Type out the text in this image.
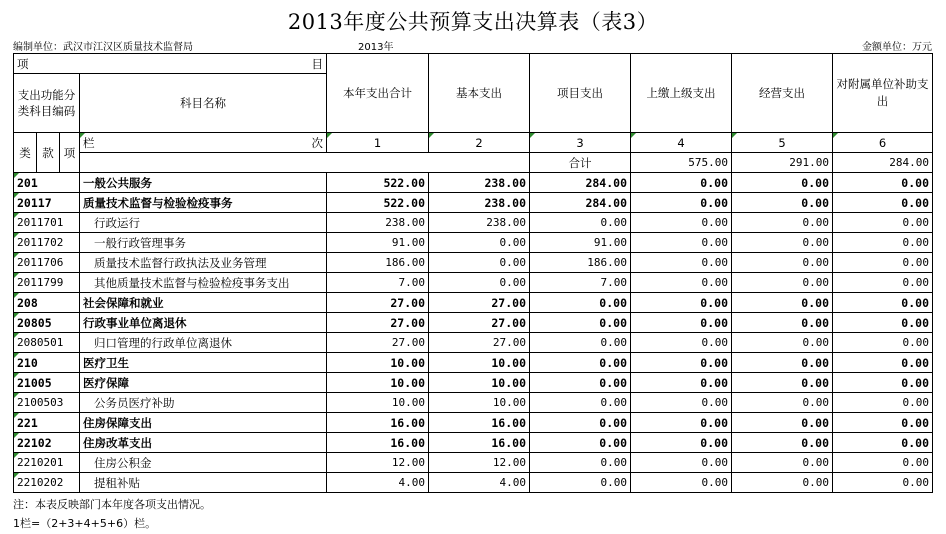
2013年度公共预算支出决算表（表3）
编制单位：武汉市江汉区质量技术监督局	2013年	金额单位：万元
项 目				本年支出合计	基本支出	项目支出	上缴上级支出	经营支出	对附属单位补助支出	
支出功能分类科目编码			科目名称							

类	款	项	栏 次	1	2	3	4	5	6	
						合计	575.00	291.00	284.00			

201			一般公共服务	522.00	238.00	284.00	0.00	0.00	0.00	

20117			质量技术监督与检验检疫事务	522.00	238.00	284.00	0.00	0.00	0.00	

2011701			行政运行	238.00	238.00	0.00	0.00	0.00	0.00	

2011702			一般行政管理事务	91.00	0.00	91.00	0.00	0.00	0.00	

2011706			质量技术监督行政执法及业务管理	186.00	0.00	186.00	0.00	0.00	0.00	

2011799			其他质量技术监督与检验检疫事务支出	7.00	0.00	7.00	0.00	0.00	0.00	

208			社会保障和就业	27.00	27.00	0.00	0.00	0.00	0.00	

20805			行政事业单位离退休	27.00	27.00	0.00	0.00	0.00	0.00	

2080501			归口管理的行政单位离退休	27.00	27.00	0.00	0.00	0.00	0.00	

210			医疗卫生	10.00	10.00	0.00	0.00	0.00	0.00	

21005			医疗保障	10.00	10.00	0.00	0.00	0.00	0.00	

2100503			公务员医疗补助	10.00	10.00	0.00	0.00	0.00	0.00	

221			住房保障支出	16.00	16.00	0.00	0.00	0.00	0.00	

22102			住房改革支出	16.00	16.00	0.00	0.00	0.00	0.00	

2210201			住房公积金	12.00	12.00	0.00	0.00	0.00	0.00	

2210202			提租补贴	4.00	4.00	0.00	0.00	0.00	0.00	
注：本表反映部门本年度各项支出情况。
1栏=（2+3+4+5+6）栏。
